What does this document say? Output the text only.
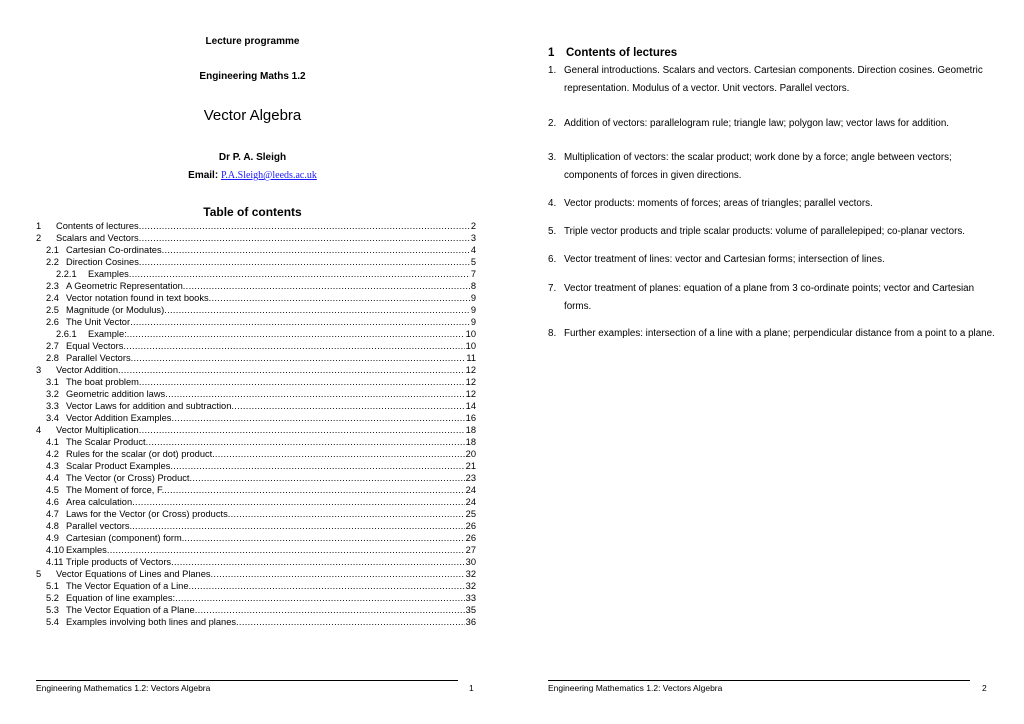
Lecture programme
Engineering Maths 1.2
Vector Algebra
Dr P. A. Sleigh
Email: P.A.Sleigh@leeds.ac.uk
Table of contents
1	Contents of lectures .....	2
2	Scalars and Vectors .....	3
2.1 Cartesian Co-ordinates .....	4
2.2 Direction Cosines .....	5
2.2.1	Examples .....	7
2.3 A Geometric Representation .....	8
2.4 Vector notation found in text books .....	9
2.5 Magnitude (or Modulus) .....	9
2.6 The Unit Vector .....	9
2.6.1	Example: .....	10
2.7 Equal Vectors .....	10
2.8 Parallel Vectors .....	11
3	Vector Addition .....	12
3.1 The boat problem .....	12
3.2 Geometric addition laws .....	12
3.3 Vector Laws for addition and subtraction .....	14
3.4 Vector Addition Examples .....	16
4	Vector Multiplication .....	18
4.1 The Scalar Product .....	18
4.2 Rules for the scalar (or dot) product. .....	20
4.3 Scalar Product Examples .....	21
4.4 The Vector (or Cross) Product .....	23
4.5 The Moment of force, F. .....	24
4.6 Area calculation .....	24
4.7 Laws for the Vector (or Cross) products .....	25
4.8 Parallel vectors. .....	26
4.9 Cartesian (component) form. .....	26
4.10 Examples .....	27
4.11 Triple products of Vectors .....	30
5	Vector Equations of Lines and Planes .....	32
5.1 The Vector Equation of a Line .....	32
5.2 Equation of line examples: .....	33
5.3 The Vector Equation of a Plane .....	35
5.4 Examples involving both lines and planes .....	36
Engineering Mathematics 1.2: Vectors Algebra	1
1 Contents of lectures
1. General introductions. Scalars and vectors. Cartesian components. Direction cosines. Geometric representation. Modulus of a vector. Unit vectors. Parallel vectors.
2. Addition of vectors: parallelogram rule; triangle law; polygon law; vector laws for addition.
3. Multiplication of vectors: the scalar product; work done by a force; angle between vectors; components of forces in given directions.
4. Vector products: moments of forces; areas of triangles; parallel vectors.
5. Triple vector products and triple scalar products: volume of parallelepiped; co-planar vectors.
6. Vector treatment of lines: vector and Cartesian forms; intersection of lines.
7. Vector treatment of planes: equation of a plane from 3 co-ordinate points; vector and Cartesian forms.
8. Further examples: intersection of a line with a plane; perpendicular distance from a point to a plane.
Engineering Mathematics 1.2: Vectors Algebra	2
